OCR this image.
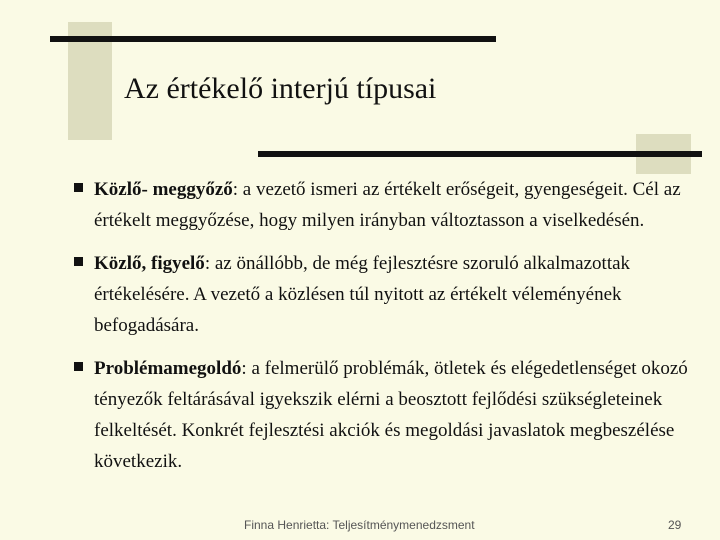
Az értékelő interjú típusai
Közlő- meggyőző: a vezető ismeri az értékelt erőségeit, gyengeségeit. Cél az értékelt meggyőzése, hogy milyen irányban változtasson a viselkedésén.
Közlő, figyelő: az önállóbb, de még fejlesztésre szoruló alkalmazottak értékelésére. A vezető a közlésen túl nyitott az értékelt véleményének befogadására.
Problémamegoldó: a felmerülő problémák, ötletek és elégedetlenséget okozó tényezők feltárásával igyekszik elérni a beosztott fejlődési szükségleteinek felkeltését. Konkrét fejlesztési akciók és megoldási javaslatok megbeszélése következik.
Finna Henrietta: Teljesítménymenedzsment	29
